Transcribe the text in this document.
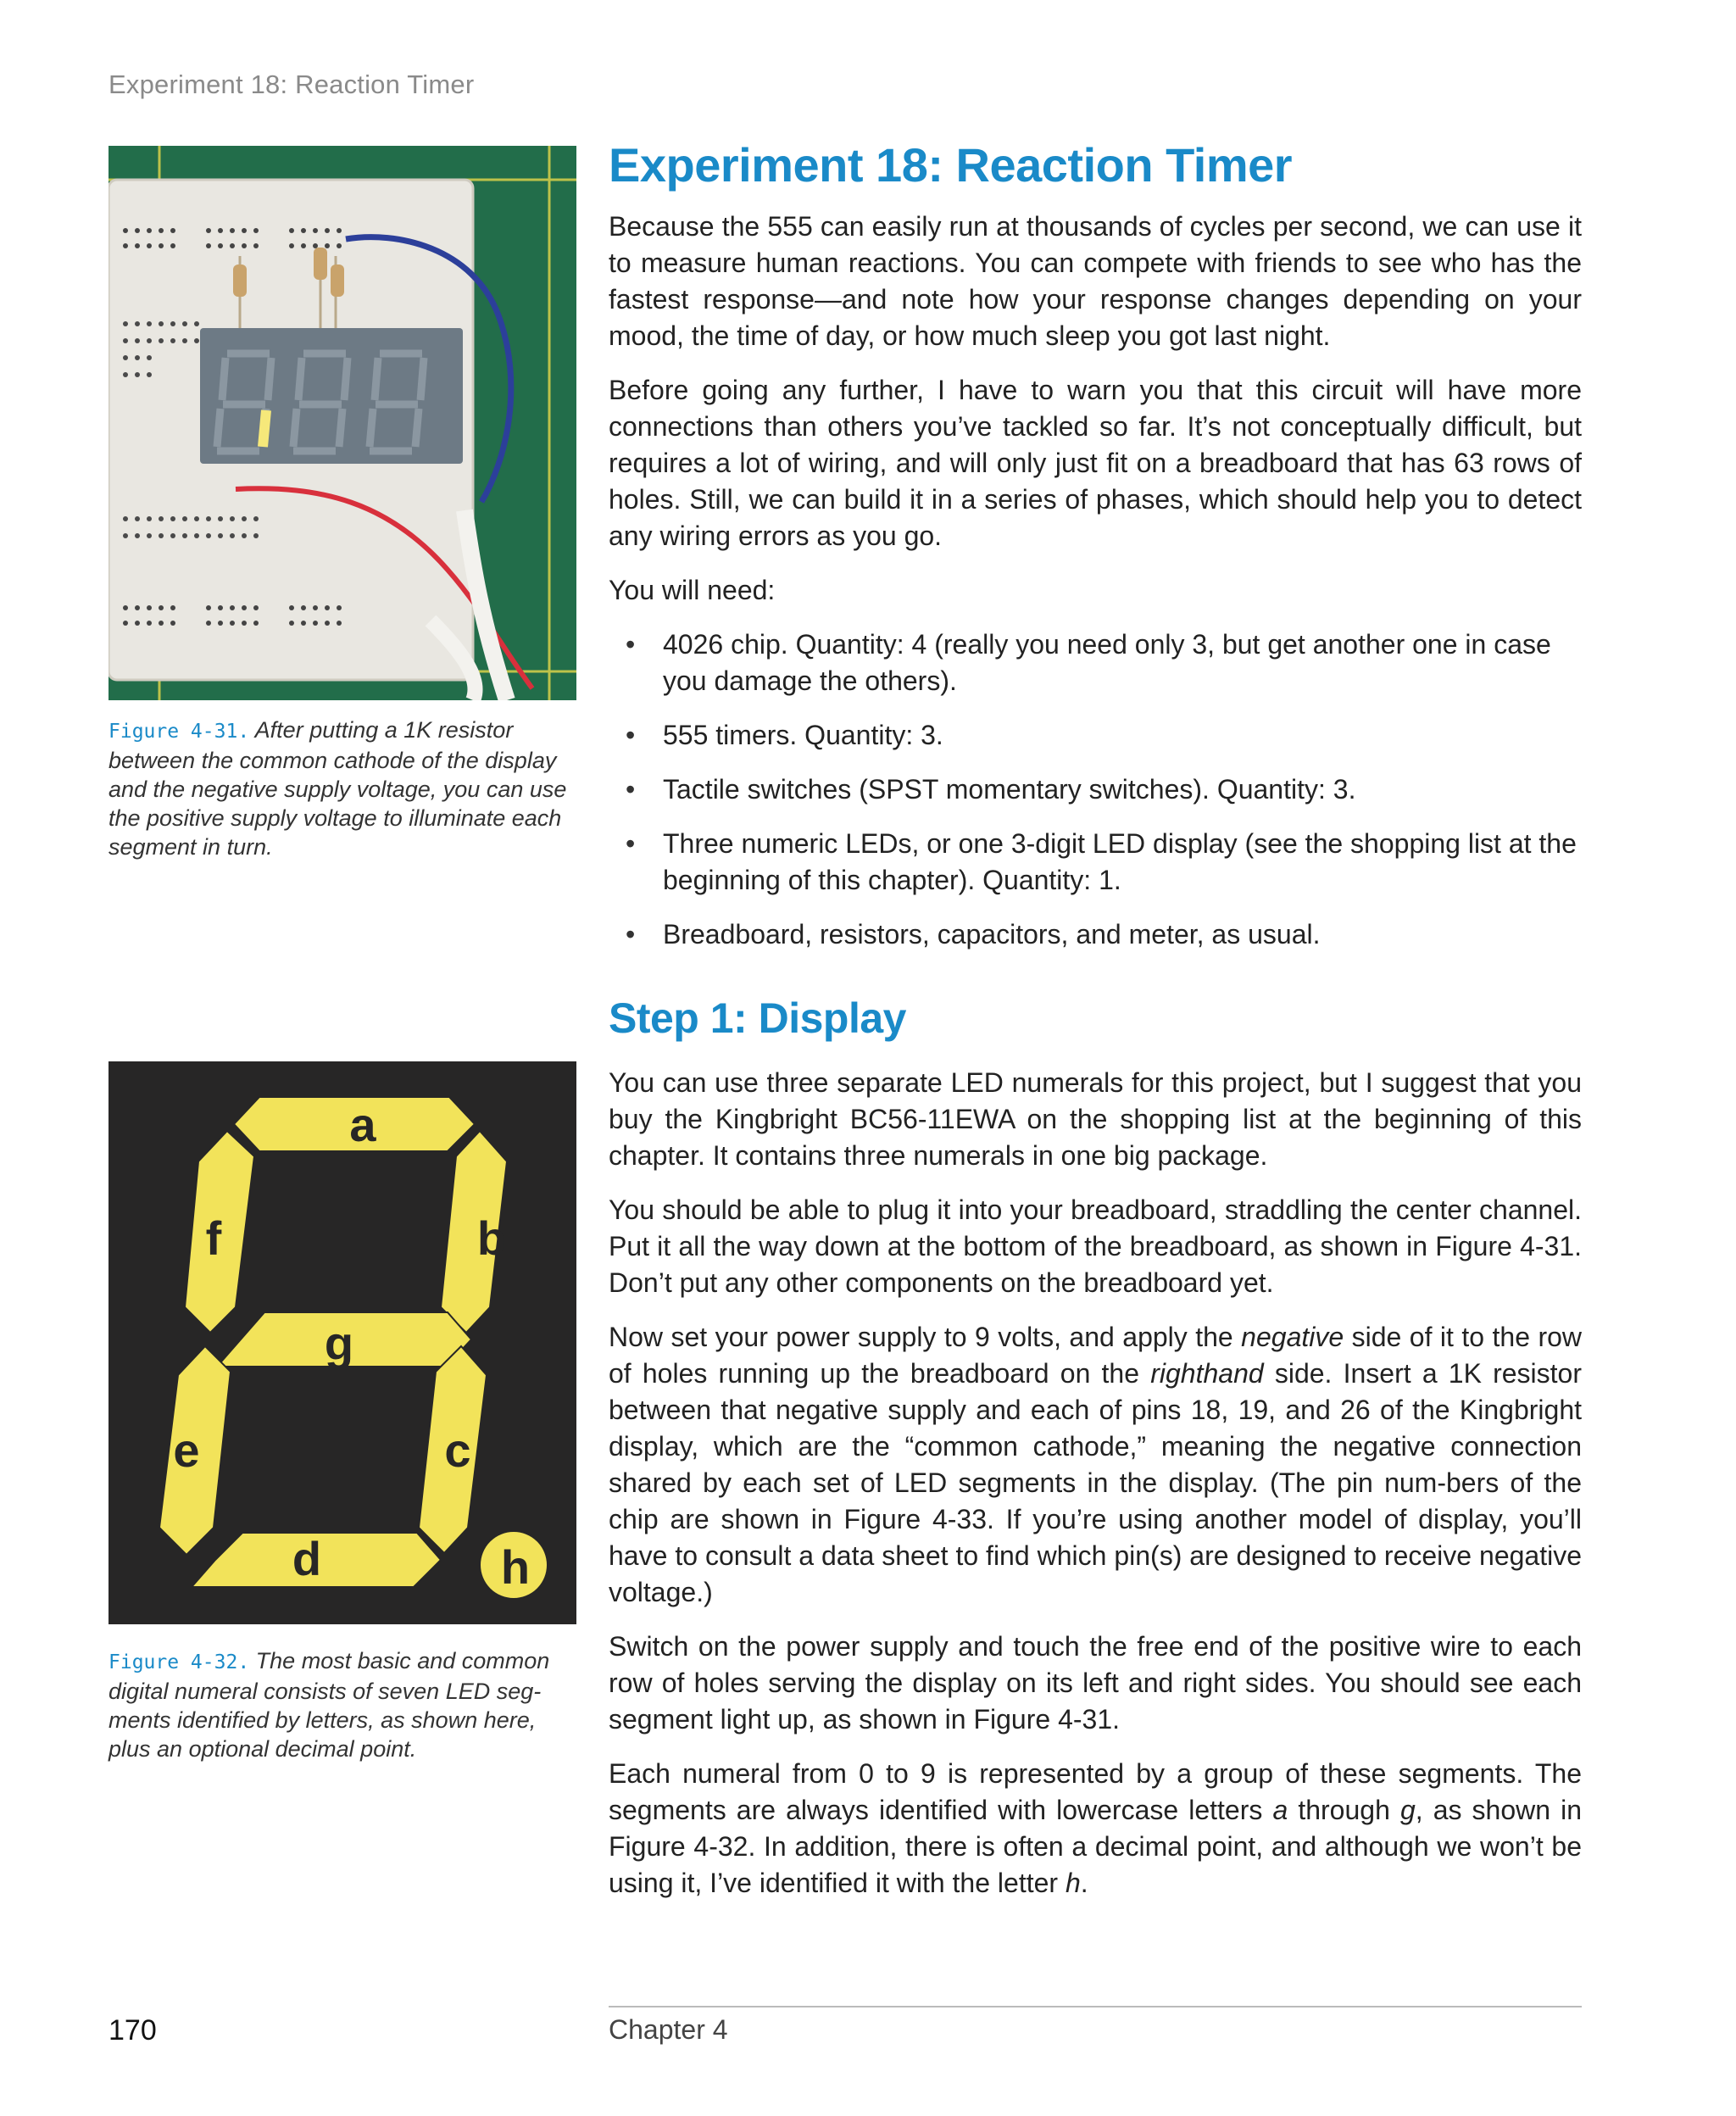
Experiment 18: Reaction Timer
Figure 4-31. After putting a 1K resistor between the common cathode of the display and the negative supply voltage, you can use the positive supply voltage to illuminate each segment in turn.
a
b
c
d
e
f
g
h
Figure 4-32. The most basic and common digital numeral consists of seven LED seg-ments identified by letters, as shown here, plus an optional decimal point.
Experiment 18: Reaction Timer

Because the 555 can easily run at thousands of cycles per second, we can use it to measure human reactions. You can compete with friends to see who has the fastest response—and note how your response changes depending on your mood, the time of day, or how much sleep you got last night.

Before going any further, I have to warn you that this circuit will have more connections than others you’ve tackled so far. It’s not conceptually difficult, but requires a lot of wiring, and will only just fit on a breadboard that has 63 rows of holes. Still, we can build it in a series of phases, which should help you to detect any wiring errors as you go.

You will need:

• 4026 chip. Quantity: 4 (really you need only 3, but get another one in case you damage the others).
• 555 timers. Quantity: 3.
• Tactile switches (SPST momentary switches). Quantity: 3.
• Three numeric LEDs, or one 3-digit LED display (see the shopping list at the beginning of this chapter). Quantity: 1.
• Breadboard, resistors, capacitors, and meter, as usual.
Step 1: Display

You can use three separate LED numerals for this project, but I suggest that you buy the Kingbright BC56-11EWA on the shopping list at the beginning of this chapter. It contains three numerals in one big package.

You should be able to plug it into your breadboard, straddling the center channel. Put it all the way down at the bottom of the breadboard, as shown in Figure 4-31. Don’t put any other components on the breadboard yet.

Now set your power supply to 9 volts, and apply the negative side of it to the row of holes running up the breadboard on the righthand side. Insert a 1K resistor between that negative supply and each of pins 18, 19, and 26 of the Kingbright display, which are the “common cathode,” meaning the negative connection shared by each set of LED segments in the display. (The pin num-bers of the chip are shown in Figure 4-33. If you’re using another model of display, you’ll have to consult a data sheet to find which pin(s) are designed to receive negative voltage.)

Switch on the power supply and touch the free end of the positive wire to each row of holes serving the display on its left and right sides. You should see each segment light up, as shown in Figure 4-31.

Each numeral from 0 to 9 is represented by a group of these segments. The segments are always identified with lowercase letters a through g, as shown in Figure 4-32. In addition, there is often a decimal point, and although we won’t be using it, I’ve identified it with the letter h.

170	Chapter 4
